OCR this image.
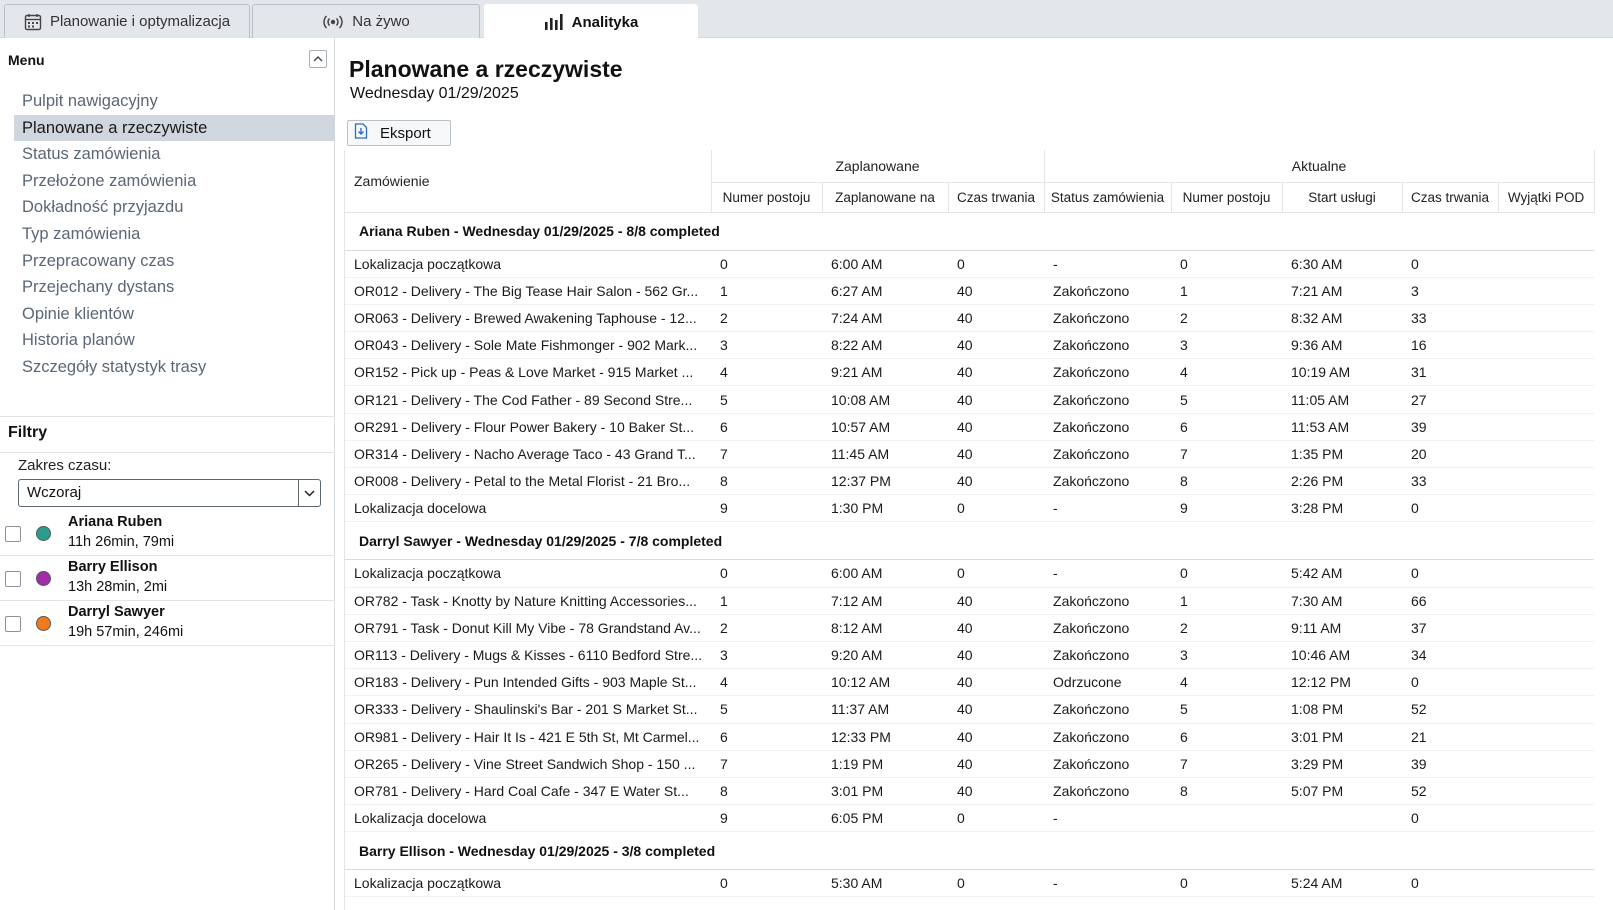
Planowanie i optymalizacja	Na żywo	Analityka
Menu
Pulpit nawigacyjny
Planowane a rzeczywiste
Status zamówienia
Przełożone zamówienia
Dokładność przyjazdu
Typ zamówienia
Przepracowany czas
Przejechany dystans
Opinie klientów
Historia planów
Szczegóły statystyk trasy
Filtry
Zakres czasu:
Wczoraj
Ariana Ruben
11h 26min, 79mi
Barry Ellison
13h 28min, 2mi
Darryl Sawyer
19h 57min, 246mi
Planowane a rzeczywiste
Wednesday 01/29/2025
Eksport
Zamówienie	Zaplanowane			Aktualne				
	Numer postoju	Zaplanowane na	Czas trwania	Status zamówienia	Numer postoju	Start usługi	Czas trwania	Wyjątki POD
Ariana Ruben - Wednesday 01/29/2025 - 8/8 completed								
Lokalizacja początkowa	0	6:00 AM	0	-	0	6:30 AM	0	
OR012 - Delivery - The Big Tease Hair Salon - 562 Gr...	1	6:27 AM	40	Zakończono	1	7:21 AM	3	
OR063 - Delivery - Brewed Awakening Taphouse - 12...	2	7:24 AM	40	Zakończono	2	8:32 AM	33	
OR043 - Delivery - Sole Mate Fishmonger - 902 Mark...	3	8:22 AM	40	Zakończono	3	9:36 AM	16	
OR152 - Pick up - Peas & Love Market - 915 Market ...	4	9:21 AM	40	Zakończono	4	10:19 AM	31	
OR121 - Delivery - The Cod Father - 89 Second Stre...	5	10:08 AM	40	Zakończono	5	11:05 AM	27	
OR291 - Delivery - Flour Power Bakery - 10 Baker St...	6	10:57 AM	40	Zakończono	6	11:53 AM	39	
OR314 - Delivery - Nacho Average Taco - 43 Grand T...	7	11:45 AM	40	Zakończono	7	1:35 PM	20	
OR008 - Delivery - Petal to the Metal Florist - 21 Bro...	8	12:37 PM	40	Zakończono	8	2:26 PM	33	
Lokalizacja docelowa	9	1:30 PM	0	-	9	3:28 PM	0	
Darryl Sawyer - Wednesday 01/29/2025 - 7/8 completed								
Lokalizacja początkowa	0	6:00 AM	0	-	0	5:42 AM	0	
OR782 - Task - Knotty by Nature Knitting Accessories...	1	7:12 AM	40	Zakończono	1	7:30 AM	66	
OR791 - Task - Donut Kill My Vibe - 78 Grandstand Av...	2	8:12 AM	40	Zakończono	2	9:11 AM	37	
OR113 - Delivery - Mugs & Kisses - 6110 Bedford Stre...	3	9:20 AM	40	Zakończono	3	10:46 AM	34	
OR183 - Delivery - Pun Intended Gifts - 903 Maple St...	4	10:12 AM	40	Odrzucone	4	12:12 PM	0	
OR333 - Delivery - Shaulinski's Bar - 201 S Market St...	5	11:37 AM	40	Zakończono	5	1:08 PM	52	
OR981 - Delivery - Hair It Is - 421 E 5th St, Mt Carmel...	6	12:33 PM	40	Zakończono	6	3:01 PM	21	
OR265 - Delivery - Vine Street Sandwich Shop - 150 ...	7	1:19 PM	40	Zakończono	7	3:29 PM	39	
OR781 - Delivery - Hard Coal Cafe - 347 E Water St...	8	3:01 PM	40	Zakończono	8	5:07 PM	52	
Lokalizacja docelowa	9	6:05 PM	0	-			0	
Barry Ellison - Wednesday 01/29/2025 - 3/8 completed								
Lokalizacja początkowa	0	5:30 AM	0	-	0	5:24 AM	0	
